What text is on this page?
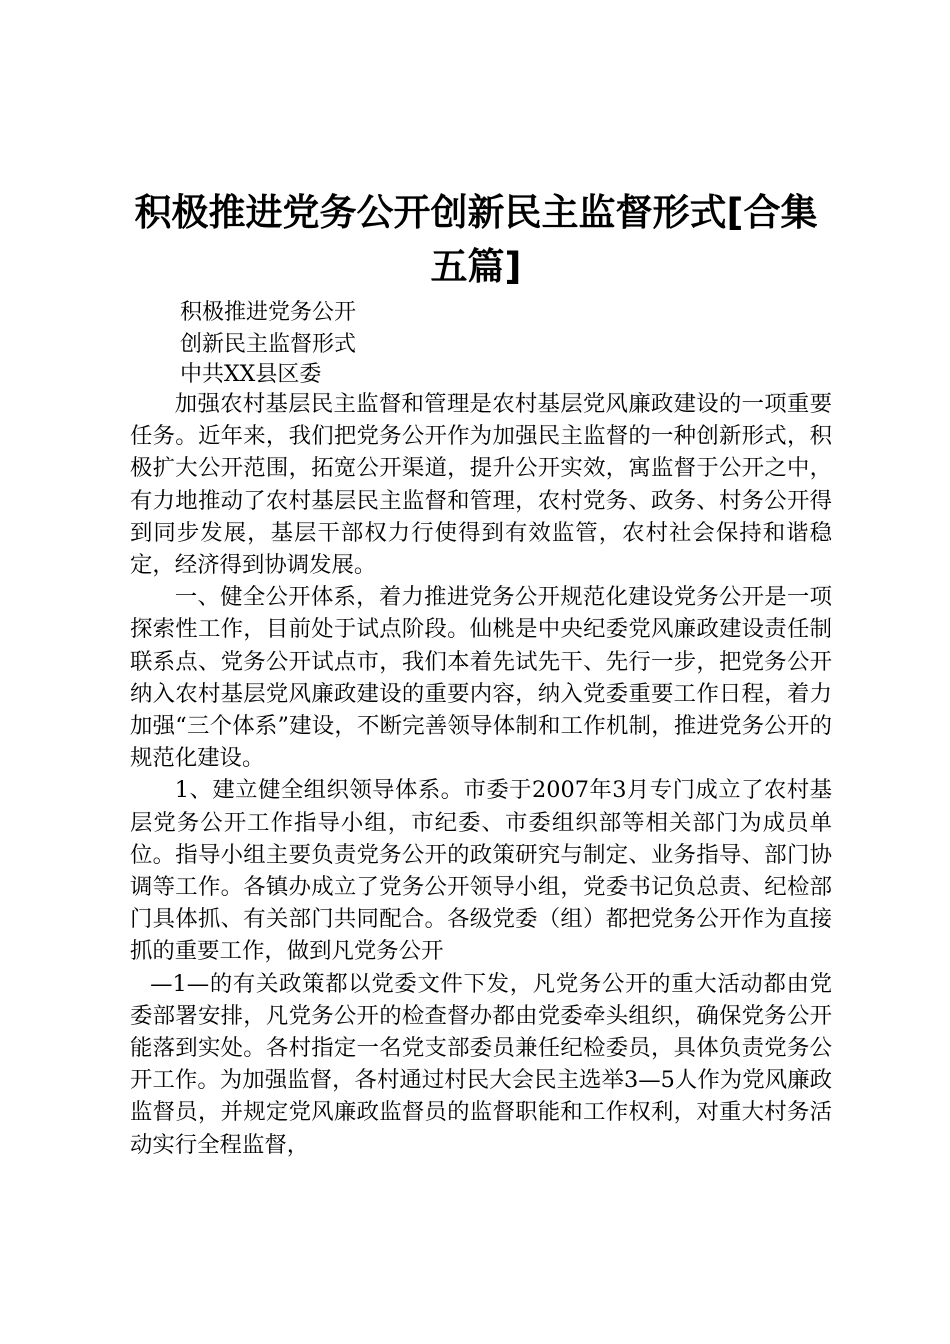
积极推进党务公开创新民主监督形式[合集五篇]

积极推进党务公开

创新民主监督形式

中共XX县区委

加强农村基层民主监督和管理是农村基层党风廉政建设的一项重要任务。近年来，我们把党务公开作为加强民主监督的一种创新形式，积极扩大公开范围，拓宽公开渠道，提升公开实效，寓监督于公开之中，有力地推动了农村基层民主监督和管理，农村党务、政务、村务公开得到同步发展，基层干部权力行使得到有效监管，农村社会保持和谐稳定，经济得到协调发展。

一、健全公开体系，着力推进党务公开规范化建设党务公开是一项探索性工作，目前处于试点阶段。仙桃是中央纪委党风廉政建设责任制联系点、党务公开试点市，我们本着先试先干、先行一步，把党务公开纳入农村基层党风廉政建设的重要内容，纳入党委重要工作日程，着力加强“三个体系”建设，不断完善领导体制和工作机制，推进党务公开的规范化建设。

1、建立健全组织领导体系。市委于2007年3月专门成立了农村基层党务公开工作指导小组，市纪委、市委组织部等相关部门为成员单位。指导小组主要负责党务公开的政策研究与制定、业务指导、部门协调等工作。各镇办成立了党务公开领导小组，党委书记负总责、纪检部门具体抓、有关部门共同配合。各级党委（组）都把党务公开作为直接抓的重要工作，做到凡党务公开

—1—的有关政策都以党委文件下发，凡党务公开的重大活动都由党委部署安排，凡党务公开的检查督办都由党委牵头组织，确保党务公开能落到实处。各村指定一名党支部委员兼任纪检委员，具体负责党务公开工作。为加强监督，各村通过村民大会民主选举3—5人作为党风廉政监督员，并规定党风廉政监督员的监督职能和工作权利，对重大村务活动实行全程监督，
